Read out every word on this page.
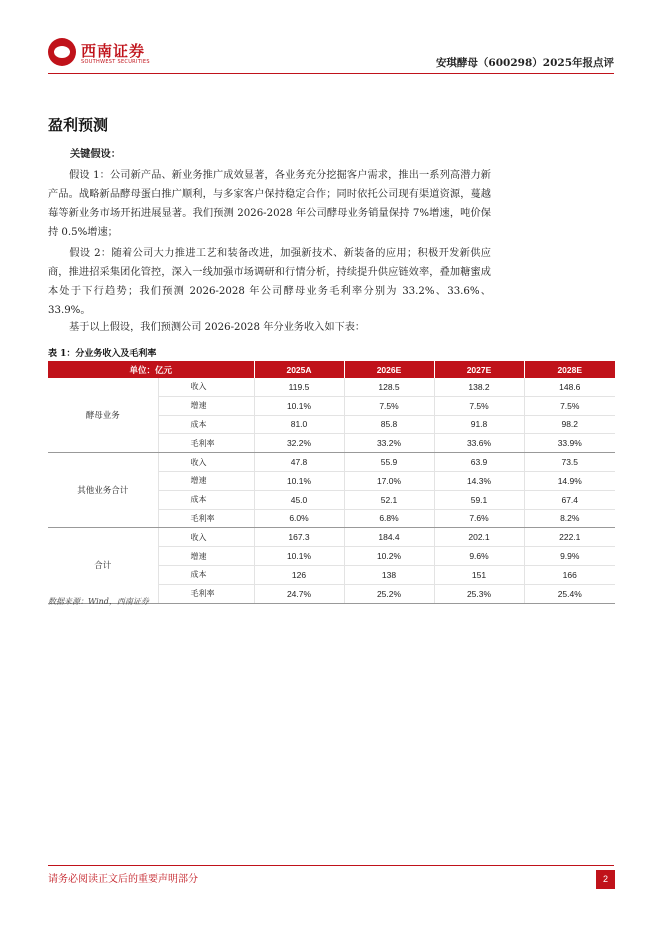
西南证券
SOUTHWEST SECURITIES	安琪酵母（600298）2025年报点评
盈利预测
关键假设：
假设 1：公司新产品、新业务推广成效显著，各业务充分挖掘客户需求，推出一系列高潜力新产品。战略新品酵母蛋白推广顺利，与多家客户保持稳定合作；同时依托公司现有渠道资源，蔓越莓等新业务市场开拓进展显著。我们预测 2026-2028 年公司酵母业务销量保持 7%增速，吨价保持 0.5%增速；
假设 2：随着公司大力推进工艺和装备改进，加强新技术、新装备的应用；积极开发新供应商，推进招采集团化管控，深入一线加强市场调研和行情分析，持续提升供应链效率，叠加糖蜜成本处于下行趋势；我们预测 2026-2028 年公司酵母业务毛利率分别为 33.2%、33.6%、33.9%。
基于以上假设，我们预测公司 2026-2028 年分业务收入如下表：
表 1：分业务收入及毛利率
单位：亿元		2025A	2026E	2027E	2028E
酵母业务	收入	119.5	128.5	138.2	148.6
	增速	10.1%	7.5%	7.5%	7.5%
	成本	81.0	85.8	91.8	98.2
	毛利率	32.2%	33.2%	33.6%	33.9%
其他业务合计	收入	47.8	55.9	63.9	73.5
	增速	10.1%	17.0%	14.3%	14.9%
	成本	45.0	52.1	59.1	67.4
	毛利率	6.0%	6.8%	7.6%	8.2%
合计	收入	167.3	184.4	202.1	222.1
	增速	10.1%	10.2%	9.6%	9.9%
	成本	126	138	151	166
	毛利率	24.7%	25.2%	25.3%	25.4%
数据来源：Wind，西南证券
请务必阅读正文后的重要声明部分	2
